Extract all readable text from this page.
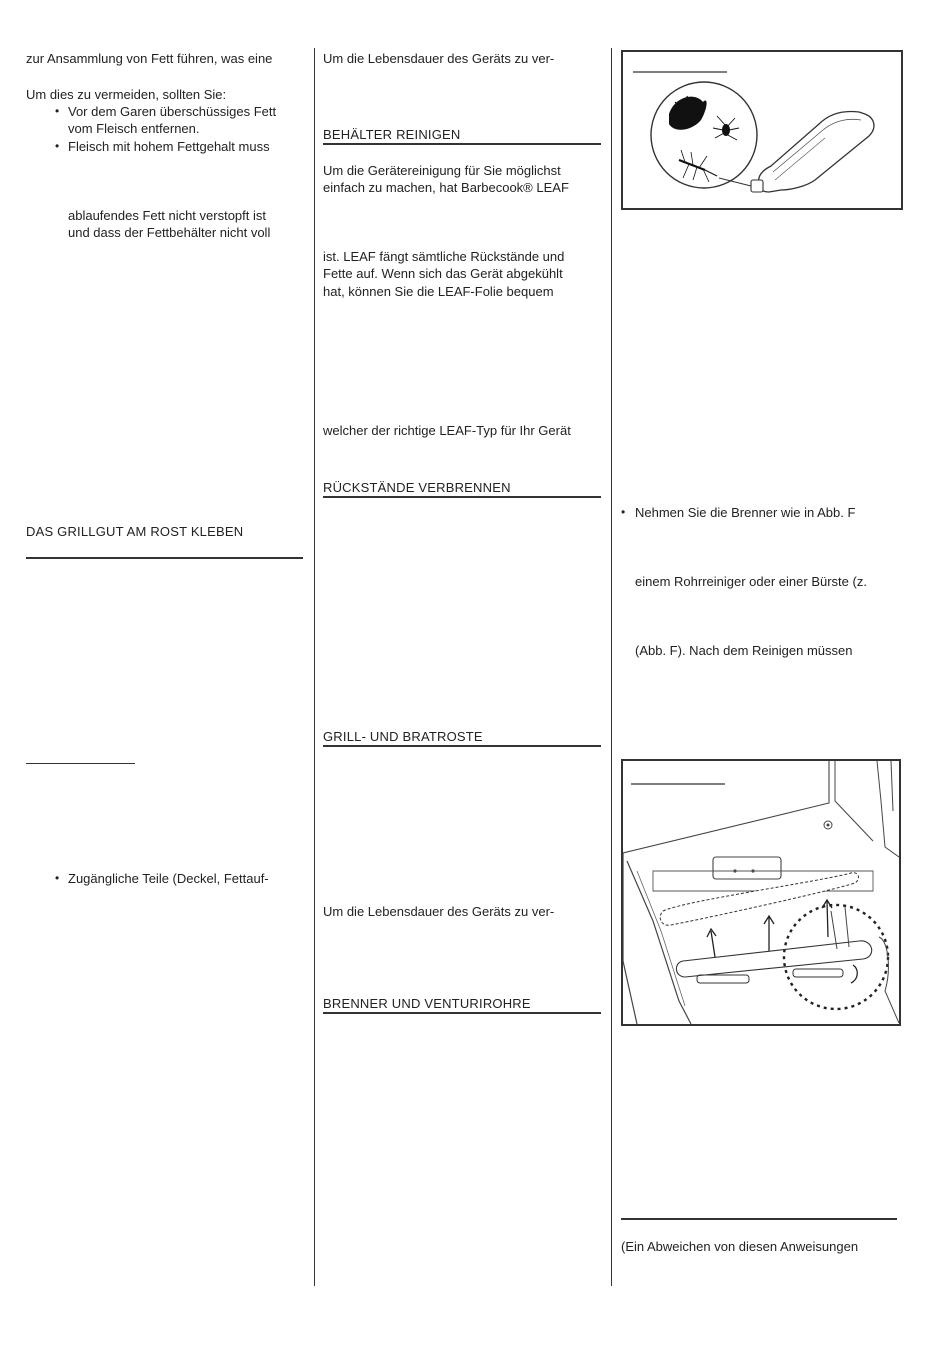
zur Ansammlung von Fett führen, was eine
Um dies zu vermeiden, sollten Sie:
• Vor dem Garen überschüssiges Fett
vom Fleisch entfernen.
• Fleisch mit hohem Fettgehalt muss
ablaufendes Fett nicht verstopft ist
und dass der Fettbehälter nicht voll
DAS GRILLGUT AM ROST KLEBEN
• Zugängliche Teile (Deckel, Fettauf-
Um die Lebensdauer des Geräts zu ver-
BEHÄLTER REINIGEN
Um die Gerätereinigung für Sie möglichst
einfach zu machen, hat Barbecook® LEAF
ist. LEAF fängt sämtliche Rückstände und
Fette auf. Wenn sich das Gerät abgekühlt
hat, können Sie die LEAF-Folie bequem
welcher der richtige LEAF-Typ für Ihr Gerät
RÜCKSTÄNDE VERBRENNEN
GRILL- UND BRATROSTE
Um die Lebensdauer des Geräts zu ver-
BRENNER UND VENTURIROHRE
• Nehmen Sie die Brenner wie in Abb. F
einem Rohrreiniger oder einer Bürste (z.
(Abb. F). Nach dem Reinigen müssen
(Ein Abweichen von diesen Anweisungen
